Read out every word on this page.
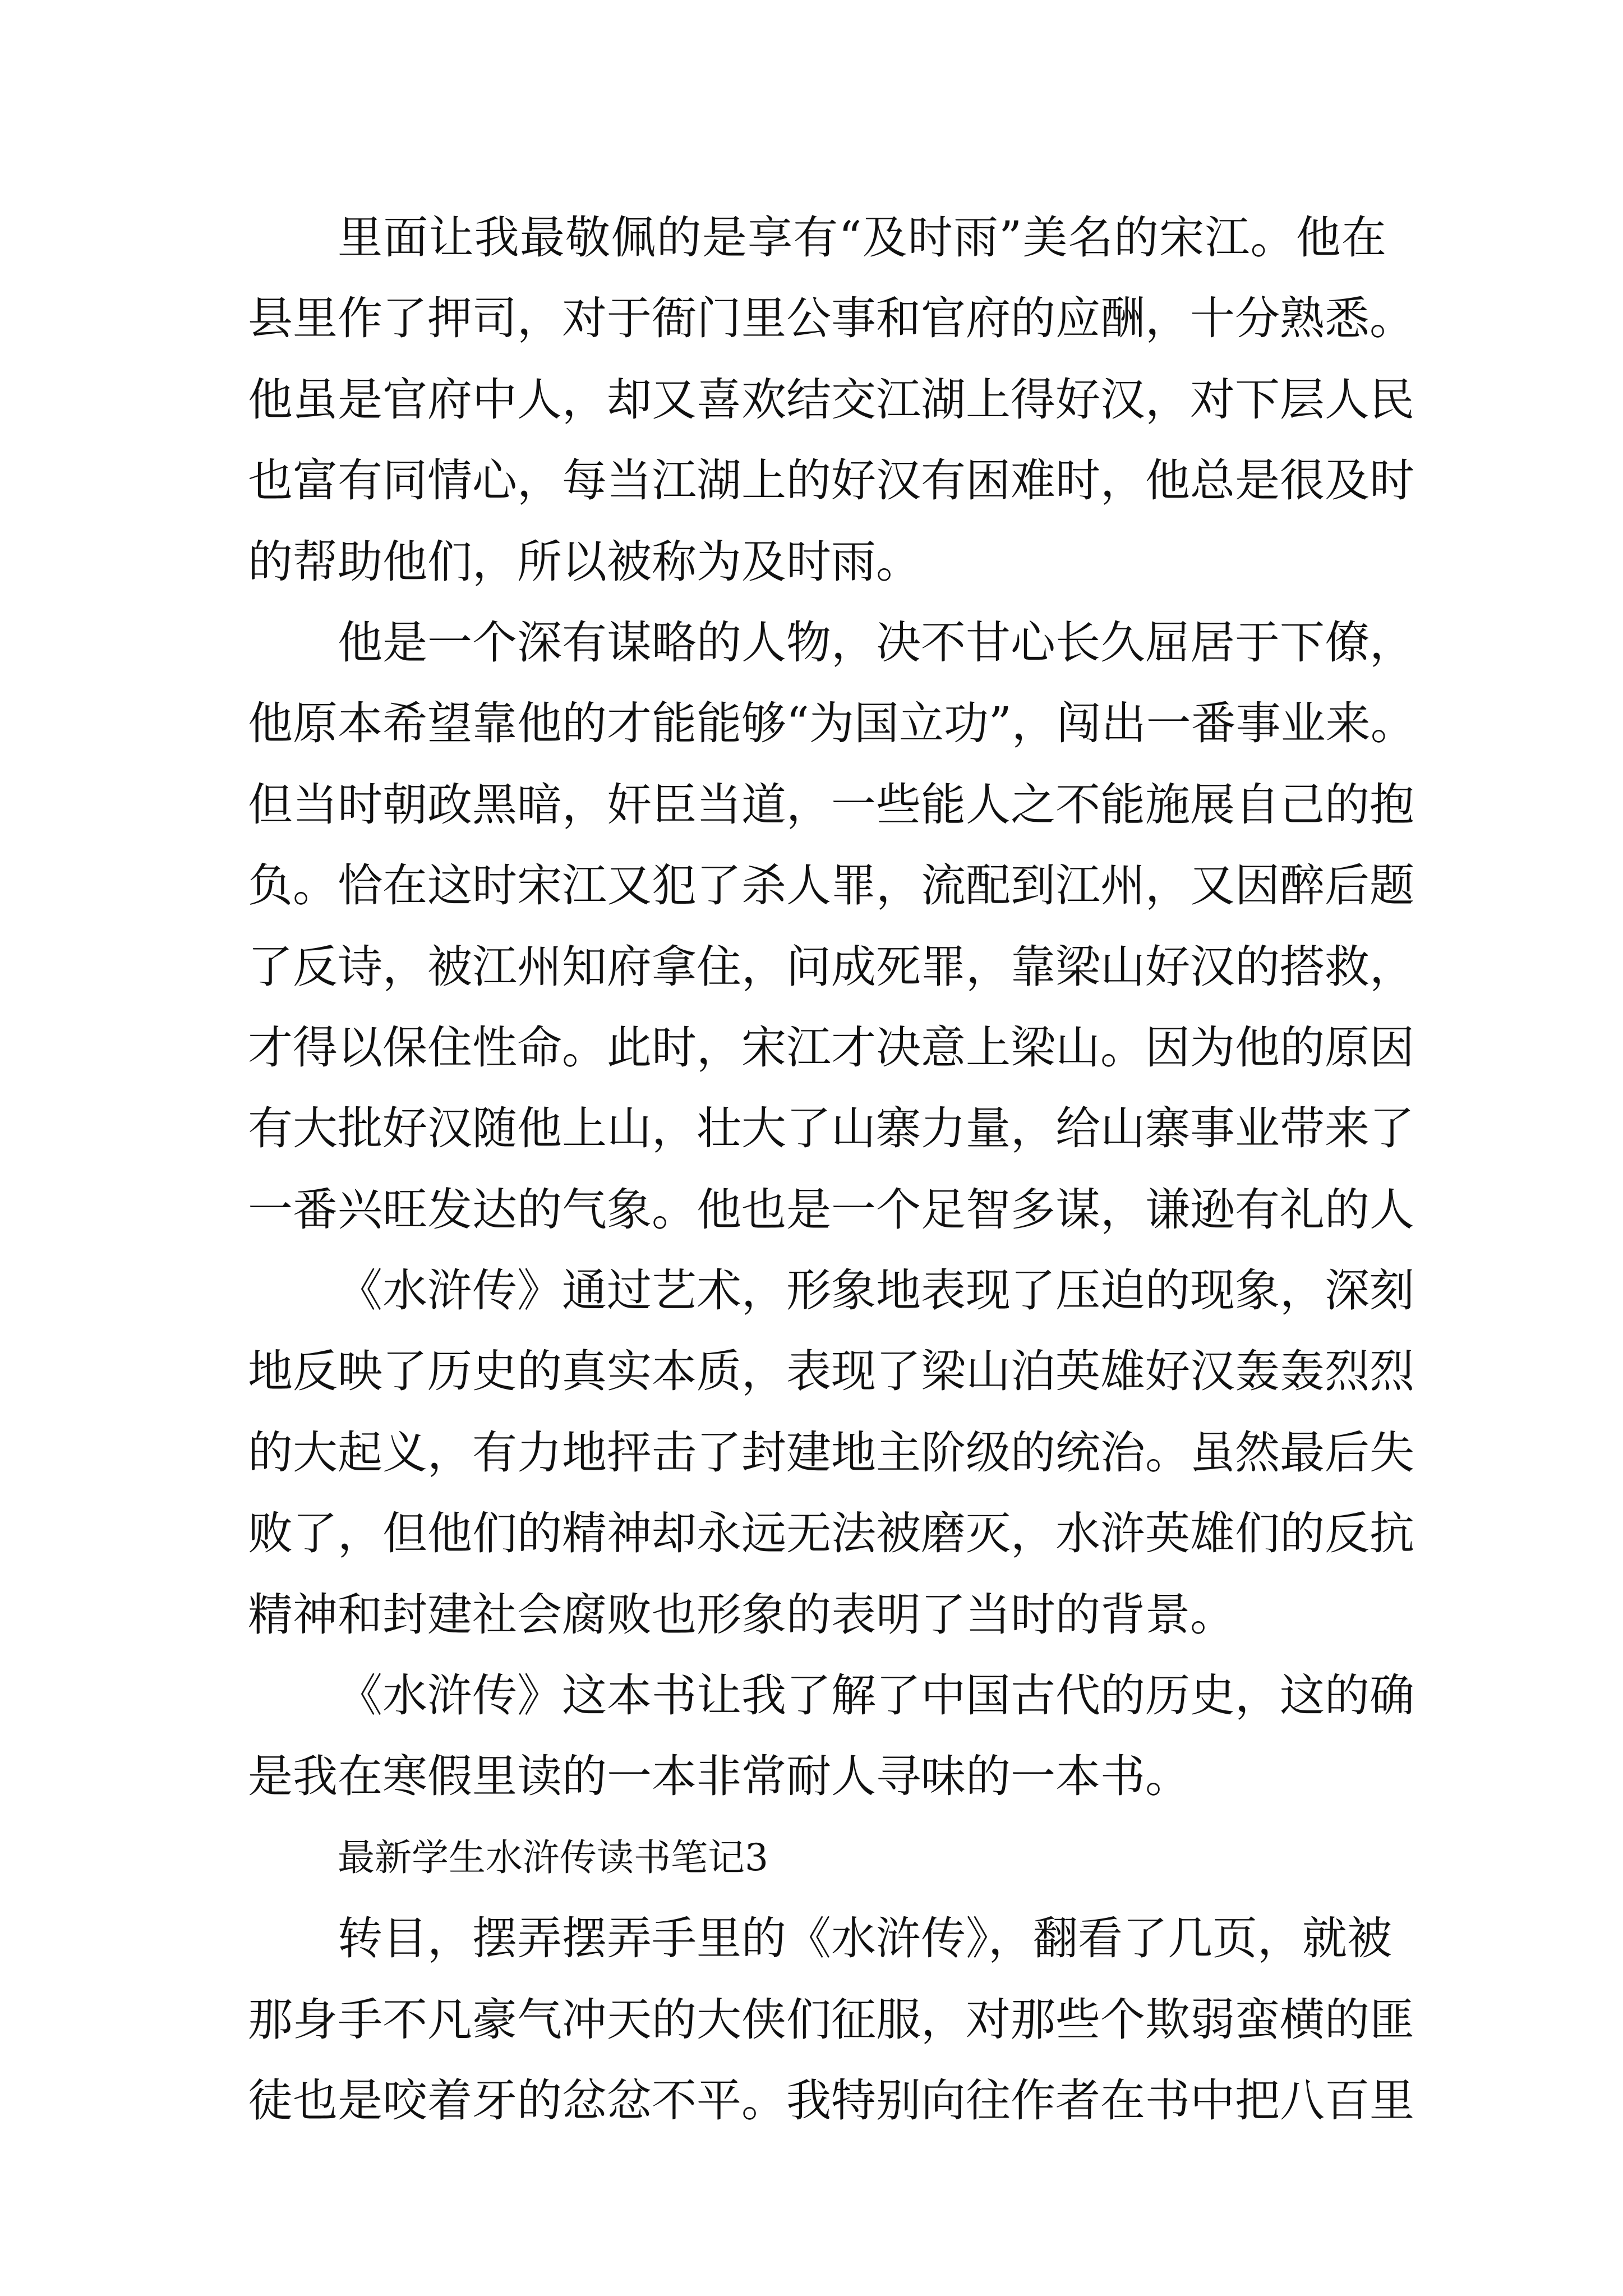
里面让我最敬佩的是享有“及时雨”美名的宋江。他在
县里作了押司，对于衙门里公事和官府的应酬，十分熟悉。
他虽是官府中人，却又喜欢结交江湖上得好汉，对下层人民
也富有同情心，每当江湖上的好汉有困难时，他总是很及时
的帮助他们，所以被称为及时雨。
他是一个深有谋略的人物，决不甘心长久屈居于下僚，
他原本希望靠他的才能能够“为国立功”，闯出一番事业来。
但当时朝政黑暗，奸臣当道，一些能人之不能施展自己的抱
负。恰在这时宋江又犯了杀人罪，流配到江州，又因醉后题
了反诗，被江州知府拿住，问成死罪，靠梁山好汉的搭救，
才得以保住性命。此时，宋江才决意上梁山。因为他的原因
有大批好汉随他上山，壮大了山寨力量，给山寨事业带来了
一番兴旺发达的气象。他也是一个足智多谋，谦逊有礼的人
《水浒传》通过艺术，形象地表现了压迫的现象，深刻
地反映了历史的真实本质，表现了梁山泊英雄好汉轰轰烈烈
的大起义，有力地抨击了封建地主阶级的统治。虽然最后失
败了，但他们的精神却永远无法被磨灭，水浒英雄们的反抗
精神和封建社会腐败也形象的表明了当时的背景。
《水浒传》这本书让我了解了中国古代的历史，这的确
是我在寒假里读的一本非常耐人寻味的一本书。
最新学生水浒传读书笔记3
转目，摆弄摆弄手里的《水浒传》，翻看了几页，就被
那身手不凡豪气冲天的大侠们征服，对那些个欺弱蛮横的匪
徒也是咬着牙的忿忿不平。我特别向往作者在书中把八百里
